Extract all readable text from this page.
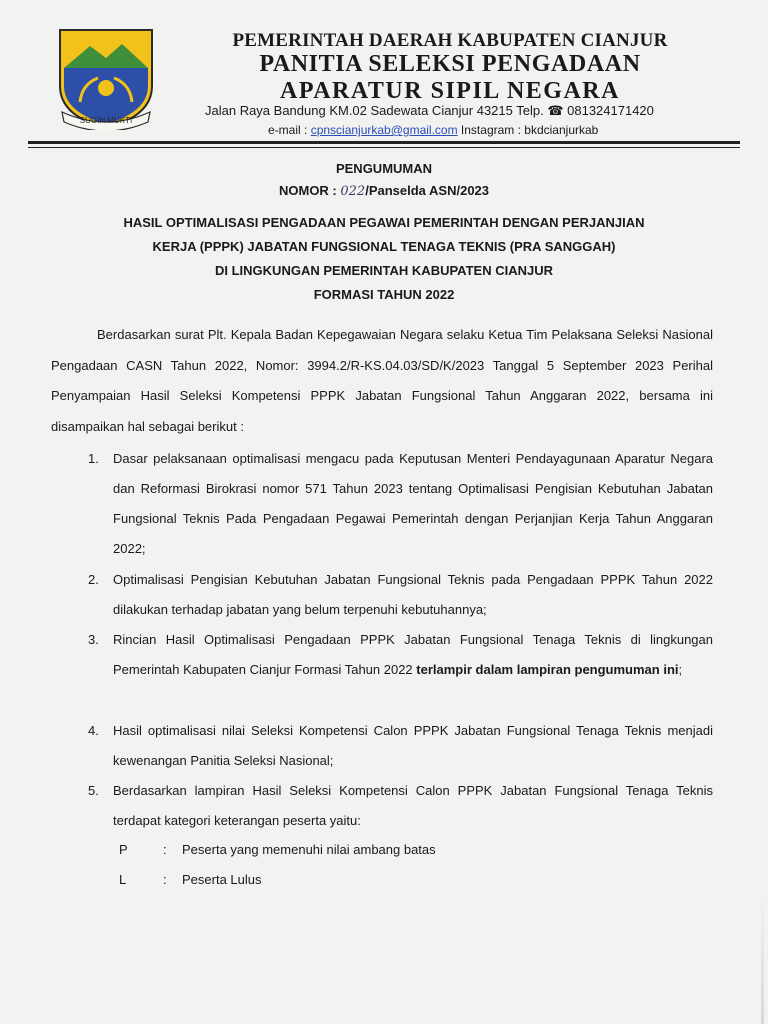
SUGIH MUKTI
PEMERINTAH DAERAH KABUPATEN CIANJUR
PANITIA SELEKSI PENGADAAN
APARATUR SIPIL NEGARA
Jalan Raya Bandung KM.02 Sadewata Cianjur 43215 Telp. ☎ 081324171420
e-mail : cpnscianjurkab@gmail.com Instagram : bkdcianjurkab
PENGUMUMAN
NOMOR : 022/Panselda ASN/2023
HASIL OPTIMALISASI PENGADAAN PEGAWAI PEMERINTAH DENGAN PERJANJIAN
KERJA (PPPK) JABATAN FUNGSIONAL TENAGA TEKNIS (PRA SANGGAH)
DI LINGKUNGAN PEMERINTAH KABUPATEN CIANJUR
FORMASI TAHUN 2022
Berdasarkan surat Plt. Kepala Badan Kepegawaian Negara selaku Ketua Tim Pelaksana Seleksi Nasional Pengadaan CASN Tahun 2022, Nomor: 3994.2/R-KS.04.03/SD/K/2023 Tanggal 5 September 2023 Perihal Penyampaian Hasil Seleksi Kompetensi PPPK Jabatan Fungsional Tahun Anggaran 2022, bersama ini disampaikan hal sebagai berikut :
1. Dasar pelaksanaan optimalisasi mengacu pada Keputusan Menteri Pendayagunaan Aparatur Negara dan Reformasi Birokrasi nomor 571 Tahun 2023 tentang Optimalisasi Pengisian Kebutuhan Jabatan Fungsional Teknis Pada Pengadaan Pegawai Pemerintah dengan Perjanjian Kerja Tahun Anggaran 2022;
2. Optimalisasi Pengisian Kebutuhan Jabatan Fungsional Teknis pada Pengadaan PPPK Tahun 2022 dilakukan terhadap jabatan yang belum terpenuhi kebutuhannya;
3. Rincian Hasil Optimalisasi Pengadaan PPPK Jabatan Fungsional Tenaga Teknis di lingkungan Pemerintah Kabupaten Cianjur Formasi Tahun 2022 terlampir dalam lampiran pengumuman ini;
4. Hasil optimalisasi nilai Seleksi Kompetensi Calon PPPK Jabatan Fungsional Tenaga Teknis menjadi kewenangan Panitia Seleksi Nasional;
5. Berdasarkan lampiran Hasil Seleksi Kompetensi Calon PPPK Jabatan Fungsional Tenaga Teknis terdapat kategori keterangan peserta yaitu:
P	: Peserta yang memenuhi nilai ambang batas
L	: Peserta Lulus
